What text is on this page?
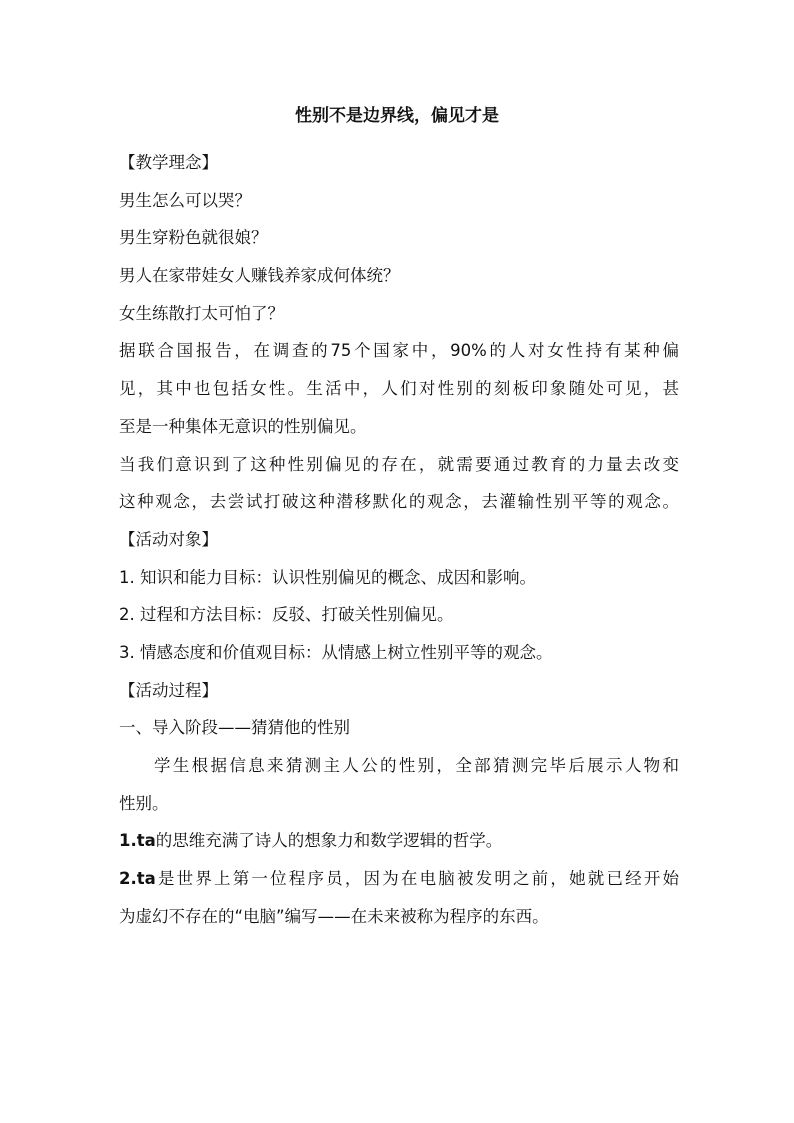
性别不是边界线，偏见才是
【教学理念】
男生怎么可以哭？
男生穿粉色就很娘？
男人在家带娃女人赚钱养家成何体统？
女生练散打太可怕了？
据联合国报告，在调查的75个国家中，90%的人对女性持有某种偏
见，其中也包括女性。生活中，人们对性别的刻板印象随处可见，甚
至是一种集体无意识的性别偏见。
当我们意识到了这种性别偏见的存在，就需要通过教育的力量去改变
这种观念，去尝试打破这种潜移默化的观念，去灌输性别平等的观念。
【活动对象】
1. 知识和能力目标：认识性别偏见的概念、成因和影响。
2. 过程和方法目标：反驳、打破关性别偏见。
3. 情感态度和价值观目标：从情感上树立性别平等的观念。
【活动过程】
一、导入阶段——猜猜他的性别
学生根据信息来猜测主人公的性别，全部猜测完毕后展示人物和
性别。
1.ta的思维充满了诗人的想象力和数学逻辑的哲学。
2.ta是世界上第一位程序员，因为在电脑被发明之前，她就已经开始
为虚幻不存在的“电脑”编写——在未来被称为程序的东西。
